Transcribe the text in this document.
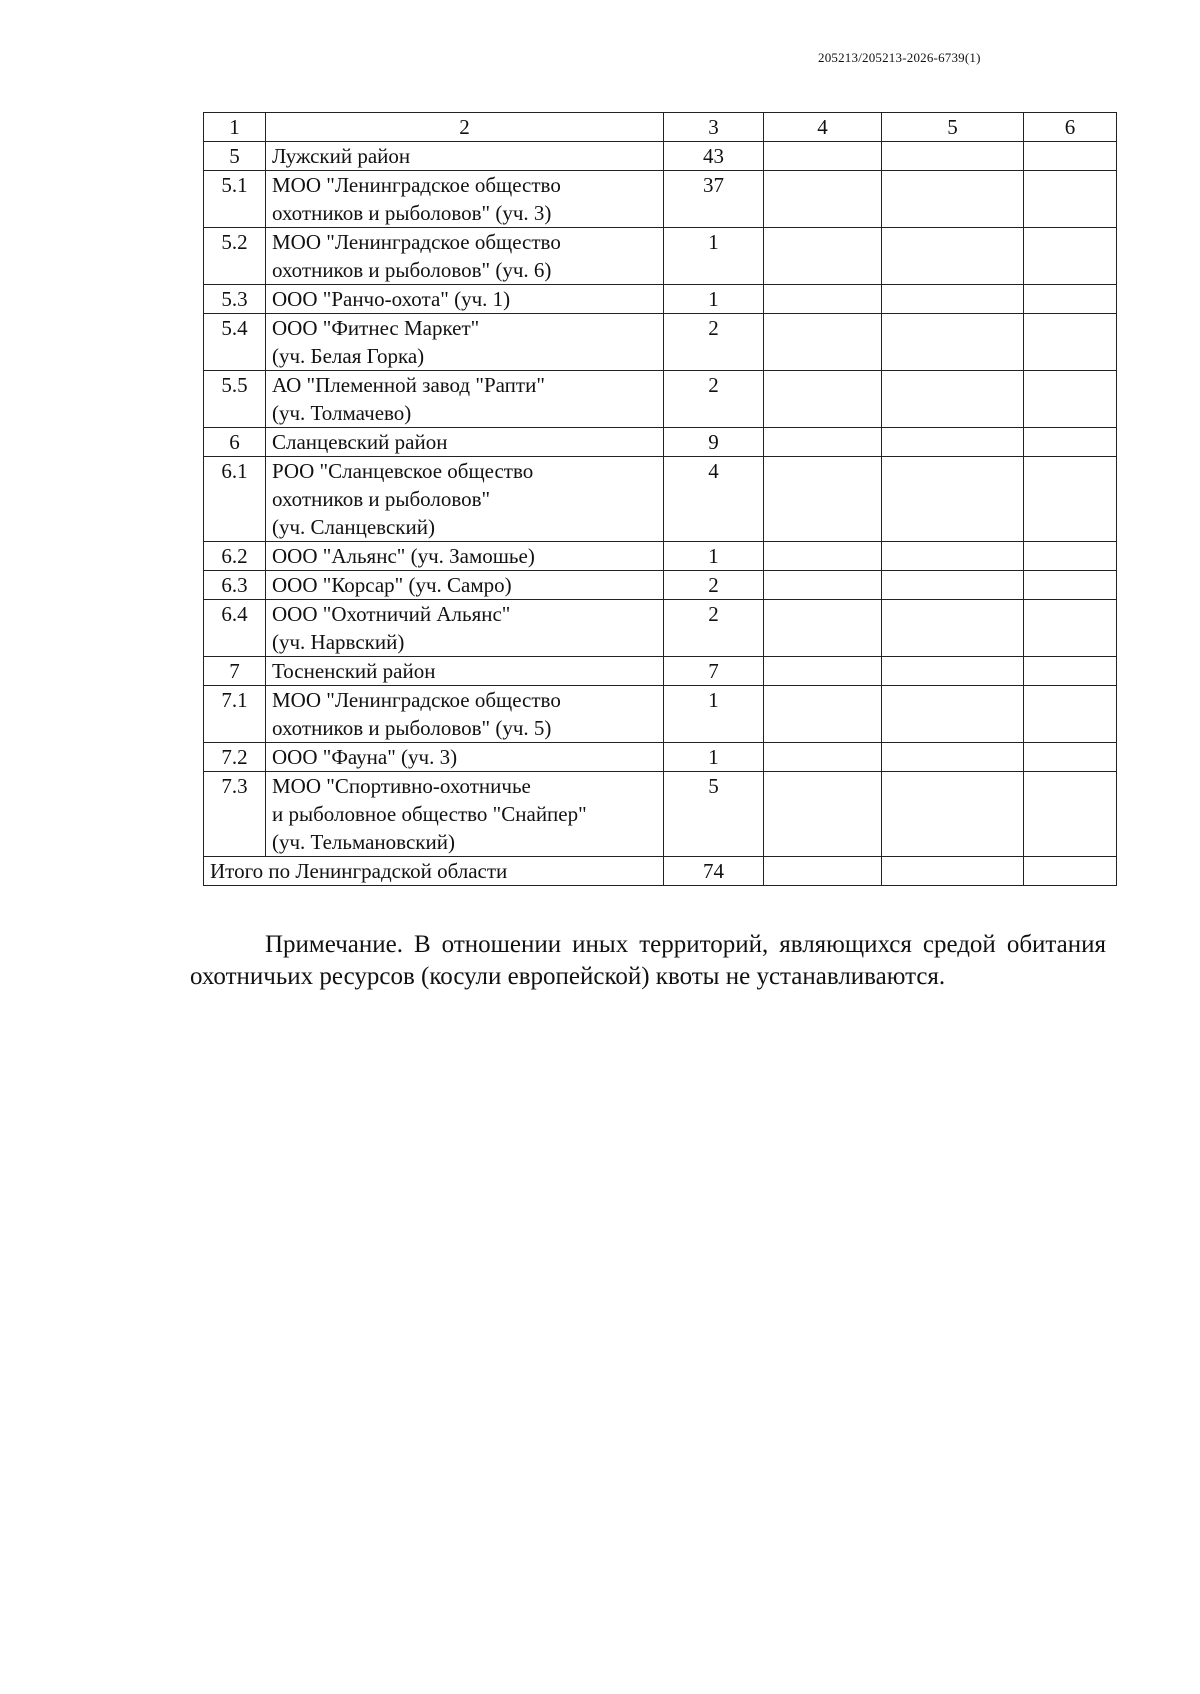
205213/205213-2026-6739(1)
1	2	3	4	5	6
5	Лужский район	43			
5.1	МОО "Ленинградское общество
охотников и рыболовов" (уч. 3)	37			
5.2	МОО "Ленинградское общество
охотников и рыболовов" (уч. 6)	1			
5.3	ООО "Ранчо-охота" (уч. 1)	1			
5.4	ООО "Фитнес Маркет"
(уч. Белая Горка)	2			
5.5	АО "Племенной завод "Рапти"
(уч. Толмачево)	2			
6	Сланцевский район	9			
6.1	РОО "Сланцевское общество
охотников и рыболовов"
(уч. Сланцевский)	4			
6.2	ООО "Альянс" (уч. Замошье)	1			
6.3	ООО "Корсар" (уч. Самро)	2			
6.4	ООО "Охотничий Альянс"
(уч. Нарвский)	2			
7	Тосненский район	7			
7.1	МОО "Ленинградское общество
охотников и рыболовов" (уч. 5)	1			
7.2	ООО "Фауна" (уч. 3)	1			
7.3	МОО "Спортивно-охотничье
и рыболовное общество "Снайпер"
(уч. Тельмановский)	5			
Итого по Ленинградской области		74			

Примечание. В отношении иных территорий, являющихся средой обитания охотничьих ресурсов (косули европейской) квоты не устанавливаются.
